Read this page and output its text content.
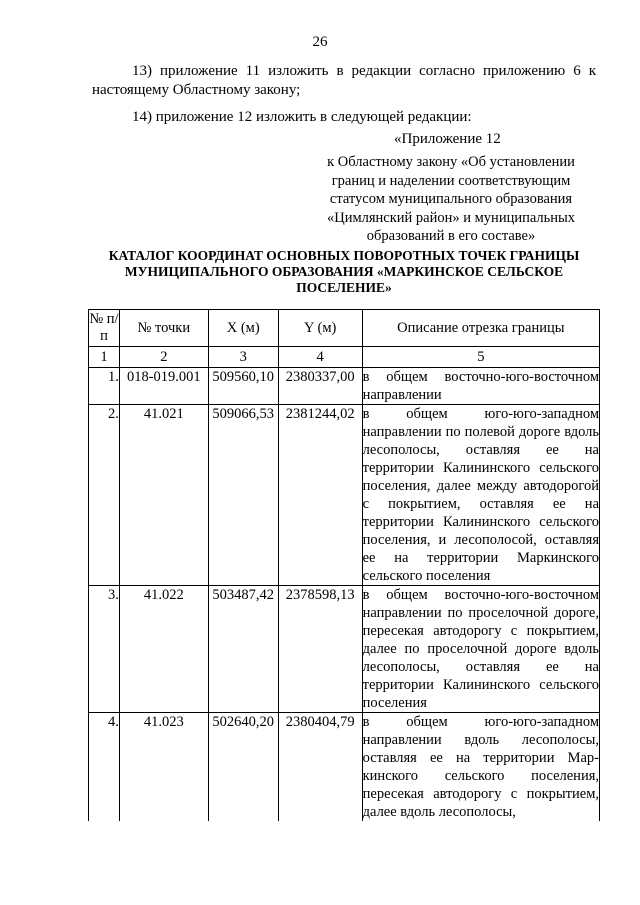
26
13) приложение 11 изложить в редакции согласно приложению 6 к настоящему Областному закону;
14) приложение 12 изложить в следующей редакции:
«Приложение 12
к Областному закону «Об установлении границ и наделении соответствующим статусом муниципального образования «Цимлянский район» и муниципальных образований в его составе»
КАТАЛОГ КООРДИНАТ ОСНОВНЫХ ПОВОРОТНЫХ ТОЧЕК ГРАНИЦЫ МУНИЦИПАЛЬНОГО ОБРАЗОВАНИЯ «МАРКИНСКОЕ СЕЛЬСКОЕ ПОСЕЛЕНИЕ»
№ п/п	№ точки	X (м)	Y (м)	Описание отрезка границы
1	2	3	4	5
1.	018-019.001	509560,10	2380337,00	в общем восточно-юго-восточном направлении
2.	41.021	509066,53	2381244,02	в общем юго-юго-западном направлении по полевой дороге вдоль лесополосы, оставляя ее на территории Калининского сельского поселения, далее между автодорогой с покрытием, оставляя ее на территории Калининского сельского поселения, и лесополосой, оставляя ее на территории Маркинского сельского поселения
3.	41.022	503487,42	2378598,13	в общем восточно-юго-восточном направлении по проселочной дороге, пересекая автодорогу с покрытием, далее по проселочной дороге вдоль лесополосы, оставляя ее на территории Калининского сельского поселения
4.	41.023	502640,20	2380404,79	в общем юго-юго-западном направлении вдоль лесополосы, оставляя ее на территории Маркинского сельского поселения, пересекая автодорогу с покрытием, далее вдоль лесополосы,
